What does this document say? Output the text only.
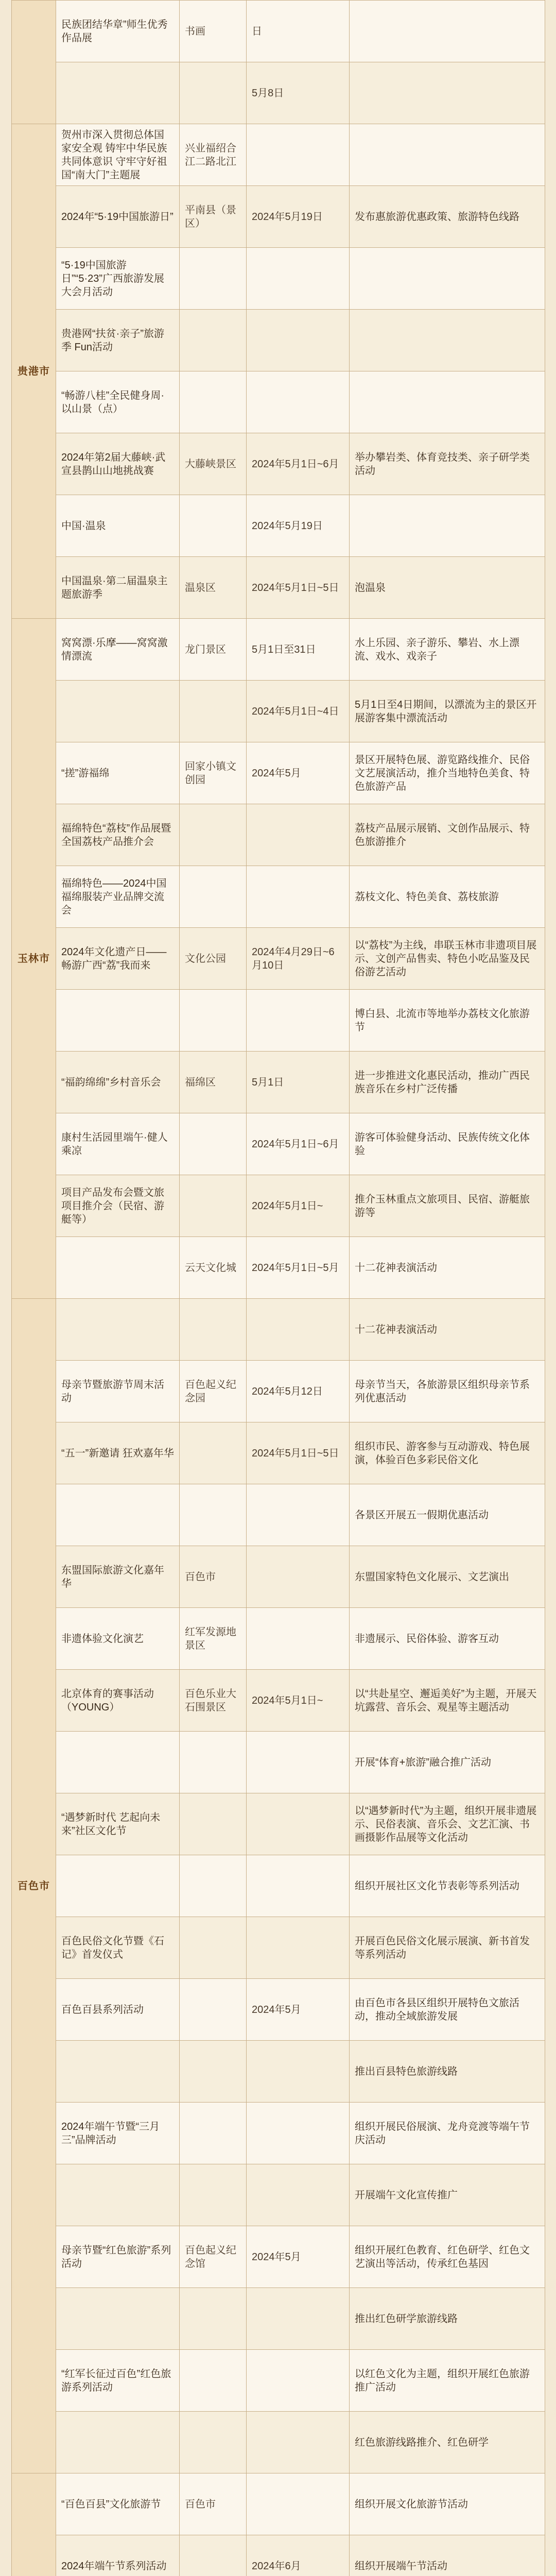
	民族团结华章”师生优秀作品展	书画	日	
			5月8日	
贵港市	贺州市深入贯彻总体国家安全观 铸牢中华民族共同体意识 守牢守好祖国“南大门”主题展	兴业福绍合江二路北江		
	2024年“5·19中国旅游日”	平南县（景区）	2024年5月19日	发布惠旅游优惠政策、旅游特色线路
	“5·19中国旅游日”“5·23”广西旅游发展大会月活动			
	贵港网“扶贫·亲子”旅游季 Fun活动			
	“畅游八桂”全民健身周·以山景（点）			
	2024年第2届大藤峡·武宣县鹊山山地挑战赛	大藤峡景区	2024年5月1日~6月	举办攀岩类、体育竞技类、亲子研学类活动
	中国·温泉		2024年5月19日	
	中国温泉·第二届温泉主题旅游季	温泉区	2024年5月1日~5日	泡温泉
玉林市	窝窝漂·乐摩——窝窝激情漂流	龙门景区	5月1日至31日	水上乐园、亲子游乐、攀岩、水上漂流、戏水、戏亲子
			2024年5月1日~4日	5月1日至4日期间，以漂流为主的景区开展游客集中漂流活动
	“搓”游福绵	回家小镇文创园	2024年5月	景区开展特色展、游览路线推介、民俗文艺展演活动，推介当地特色美食、特色旅游产品
	福绵特色“荔枝”作品展暨全国荔枝产品推介会			荔枝产品展示展销、文创作品展示、特色旅游推介
	福绵特色——2024中国福绵服装产业品牌交流会			荔枝文化、特色美食、荔枝旅游
	2024年文化遗产日——畅游广西“荔”我而来	文化公园	2024年4月29日~6月10日	以“荔枝”为主线，串联玉林市非遗项目展示、文创产品售卖、特色小吃品鉴及民俗游艺活动
				博白县、北流市等地举办荔枝文化旅游节
	“福韵绵绵”乡村音乐会	福绵区	5月1日	进一步推进文化惠民活动，推动广西民族音乐在乡村广泛传播
	康村生活园里端午·健人乘凉		2024年5月1日~6月	游客可体验健身活动、民族传统文化体验
	项目产品发布会暨文旅项目推介会（民宿、游艇等）		2024年5月1日~	推介玉林重点文旅项目、民宿、游艇旅游等
		云天文化城	2024年5月1日~5月	十二花神表演活动
百色市				十二花神表演活动
	母亲节暨旅游节周末活动	百色起义纪念园	2024年5月12日	母亲节当天，各旅游景区组织母亲节系列优惠活动
	“五一”新邀请 狂欢嘉年华		2024年5月1日~5日	组织市民、游客参与互动游戏、特色展演，体验百色多彩民俗文化
				各景区开展五一假期优惠活动
	东盟国际旅游文化嘉年华	百色市		东盟国家特色文化展示、文艺演出
	非遗体验文化演艺	红军发源地景区		非遗展示、民俗体验、游客互动
	北京体育的赛事活动（YOUNG）	百色乐业大石围景区	2024年5月1日~	以“共赴星空、邂逅美好”为主题，开展天坑露营、音乐会、观星等主题活动
				开展“体育+旅游”融合推广活动
	“遇梦新时代 艺起向未来”社区文化节			以“遇梦新时代”为主题，组织开展非遗展示、民俗表演、音乐会、文艺汇演、书画摄影作品展等文化活动
				组织开展社区文化节表彰等系列活动
	百色民俗文化节暨《石记》首发仪式			开展百色民俗文化展示展演、新书首发等系列活动
	百色百县系列活动		2024年5月	由百色市各县区组织开展特色文旅活动，推动全域旅游发展
				推出百县特色旅游线路
	2024年端午节暨“三月三”品牌活动			组织开展民俗展演、龙舟竞渡等端午节庆活动
				开展端午文化宣传推广
	母亲节暨“红色旅游”系列活动	百色起义纪念馆	2024年5月	组织开展红色教育、红色研学、红色文艺演出等活动，传承红色基因
				推出红色研学旅游线路
	“红军长征过百色”红色旅游系列活动			以红色文化为主题，组织开展红色旅游推广活动
				红色旅游线路推介、红色研学
	“百色百县”文化旅游节	百色市		组织开展文化旅游节活动
	2024年端午节系列活动		2024年6月	组织开展端午节活动
